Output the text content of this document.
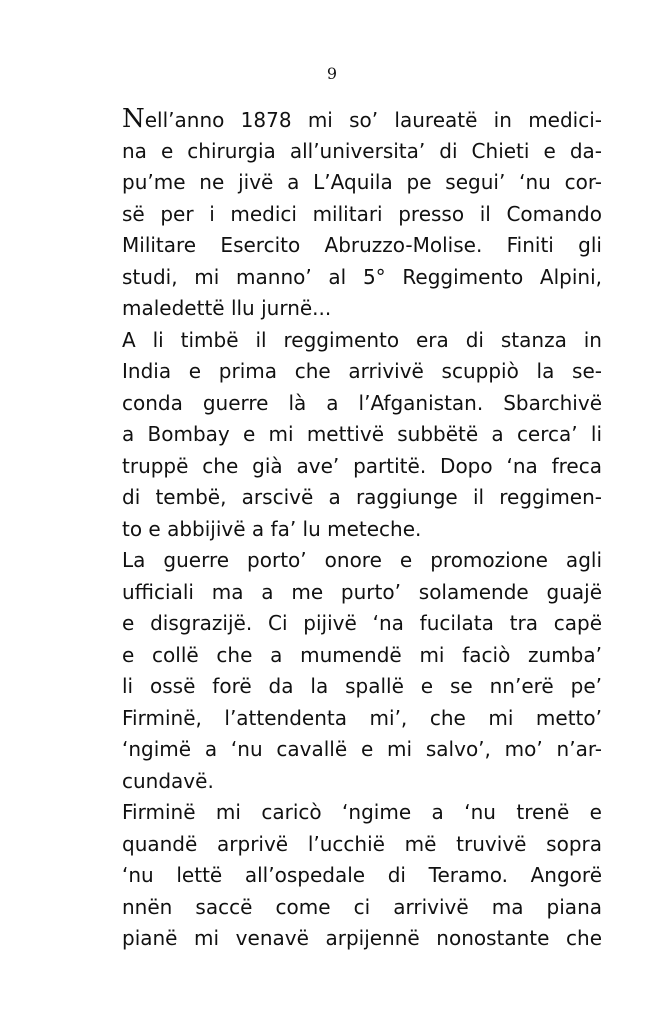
9
Nell’anno 1878 mi so’ laureatë in medici-
na e chirurgia all’universita’ di Chieti e da-
pu’me ne jivë a L’Aquila pe segui’ ‘nu cor-
së per i medici militari presso il Comando
Militare Esercito Abruzzo-Molise. Finiti gli
studi, mi manno’ al 5° Reggimento Alpini,
maledettë llu jurnë...
A li timbë il reggimento era di stanza in
India e prima che arrivivë scuppiò la se-
conda guerre là a l’Afganistan. Sbarchivë
a Bombay e mi mettivë subbëtë a cerca’ li
truppë che già ave’ partitë. Dopo ‘na freca
di tembë, arscivë a raggiunge il reggimen-
to e abbijivë a fa’ lu meteche.
La guerre porto’ onore e promozione agli
ufficiali ma a me purto’ solamende guajë
e disgrazijë. Ci pijivë ‘na fucilata tra capë
e collë che a mumendë mi faciò zumba’
li ossë forë da la spallë e se nn’erë pe’
Firminë, l’attendenta mi’, che mi metto’
‘ngimë a ‘nu cavallë e mi salvo’, mo’ n’ar-
cundavë.
Firminë mi caricò ‘ngime a ‘nu trenë e
quandë arprivë l’ucchië më truvivë sopra
‘nu lettë all’ospedale di Teramo. Angorë
nnën saccë come ci arrivivë ma piana
pianë mi venavë arpijennë nonostante che
